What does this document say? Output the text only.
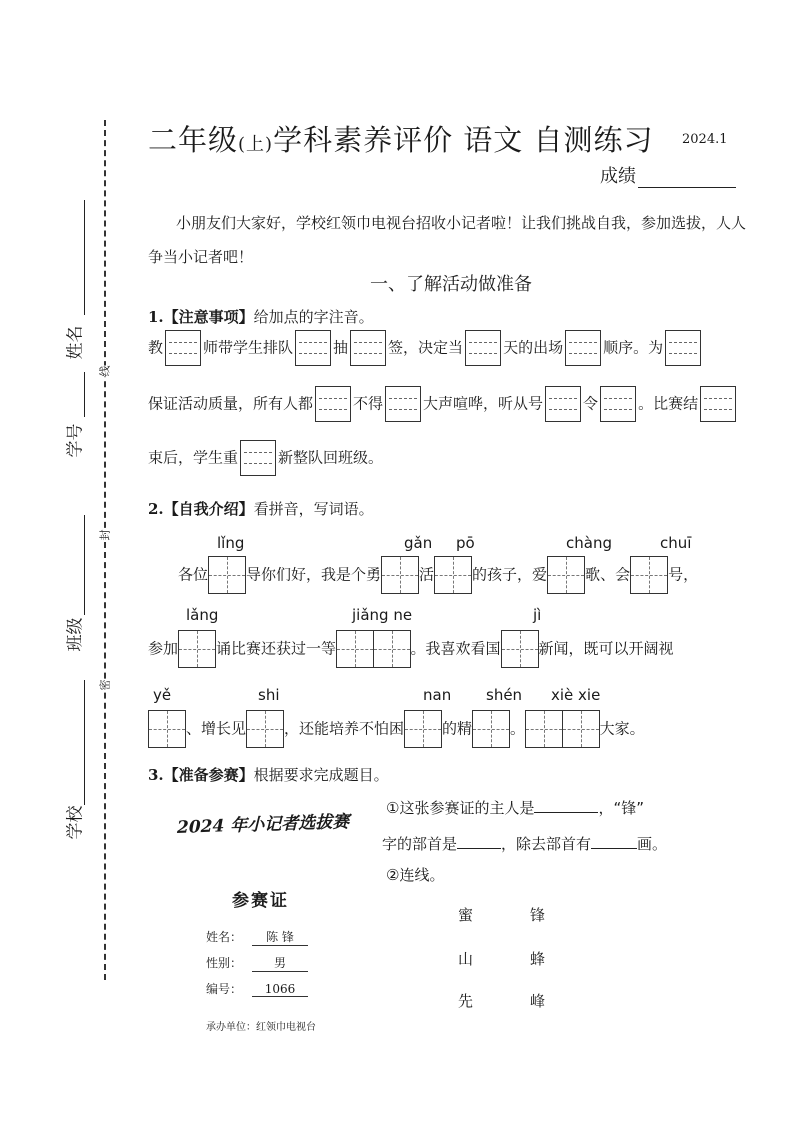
姓名
线
学号
封
班级
密
学校
二年级(上)学科素养评价 语文 自测练习 2024.1
成绩
小朋友们大家好，学校红领巾电视台招收小记者啦！让我们挑战自我，参加选拔，人人争当小记者吧！
一、了解活动做准备
1.【注意事项】给加点的字注音。
教	师带学生排队	抽	签，决定当	天的出场	顺序。为
保证活动质量，所有人都	不得	大声喧哗，听从号	令	。比赛结
束后，学生重	新整队回班级。
2.【自我介绍】看拼音，写词语。
lǐng	gǎn pō	chàng	chuī
各位	导你们好，我是个勇	活	的孩子，爱	歌、会	号，
lǎng	jiǎng ne	jì
参加	诵比赛还获过一等	。我喜欢看国	新闻，既可以开阔视
yě	shi	nan shén xiè xie
、增长见	，还能培养不怕困	的精	。	大家。
3.【准备参赛】根据要求完成题目。
2024 年小记者选拔赛
①这张参赛证的主人是	，“锋”
字的部首是	，除去部首有	画。
②连线。
参赛证
姓名： 陈 锋
性别：	男
编号： 1066
承办单位：红领巾电视台
蜜
山
先
锋
蜂
峰
